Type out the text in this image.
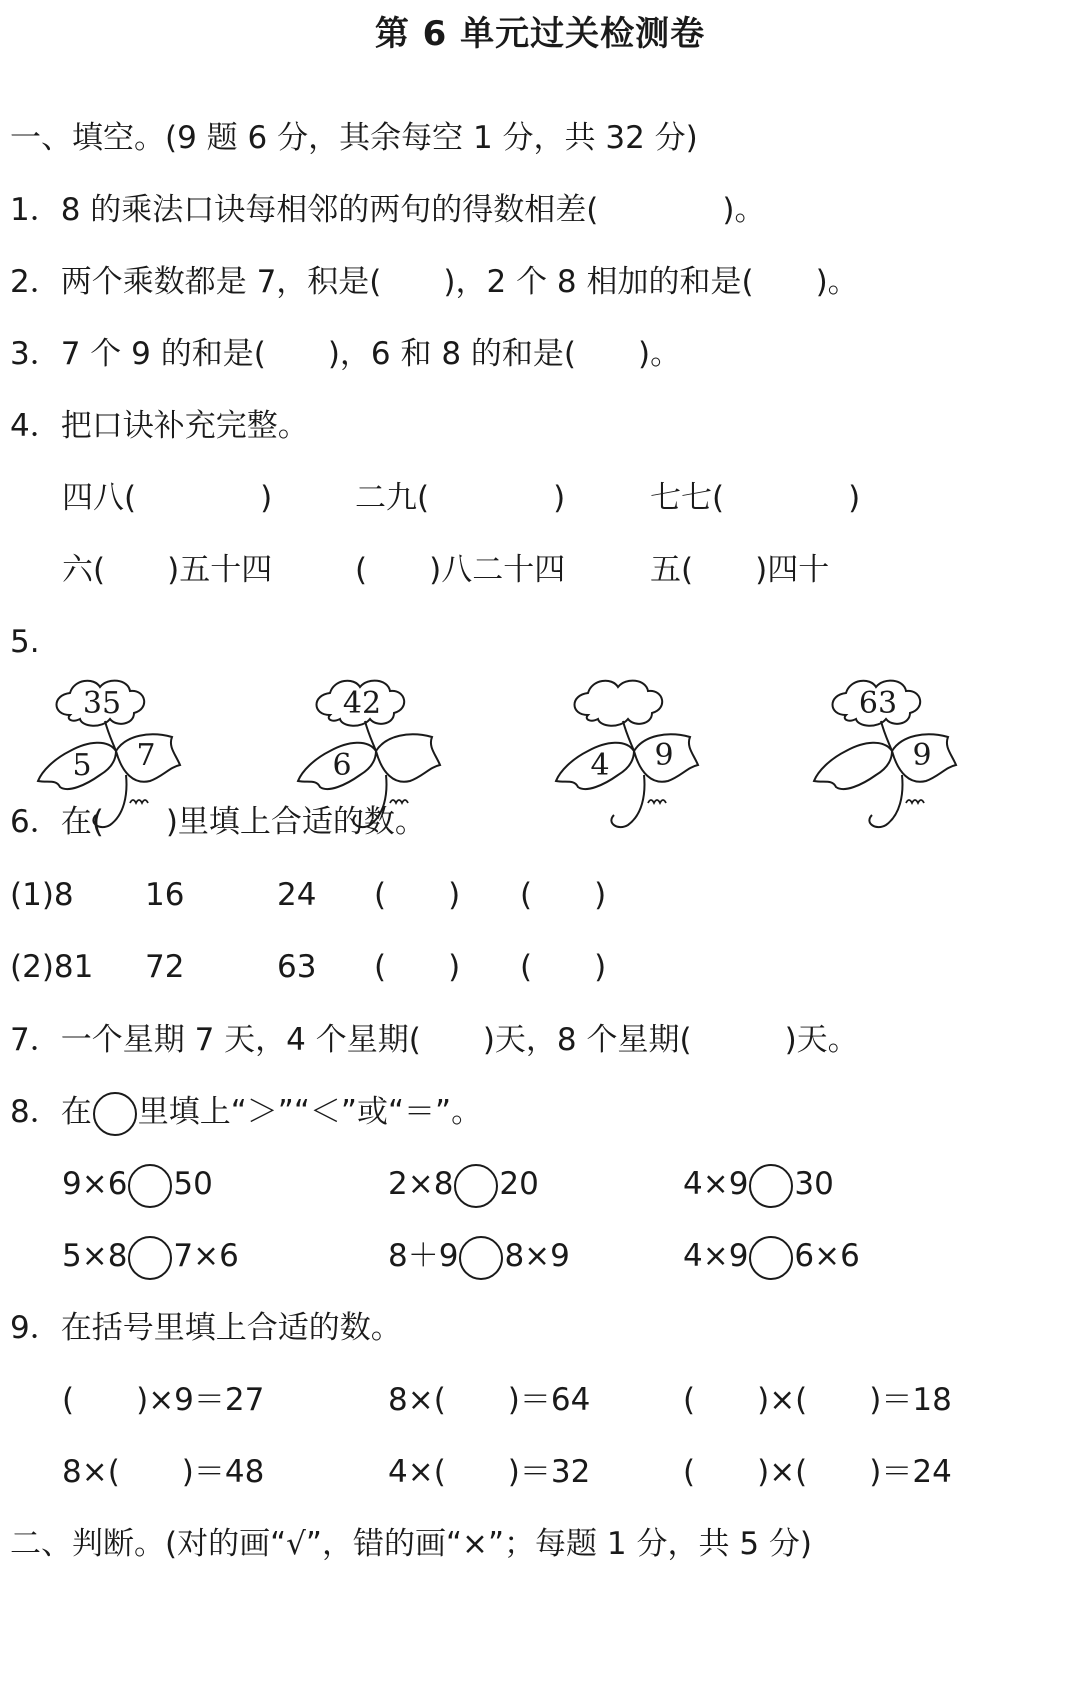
第 6 单元过关检测卷
一、填空。(9 题 6 分，其余每空 1 分，共 32 分)
1．8 的乘法口诀每相邻的两句的得数相差(　　　　)。
2．两个乘数都是 7，积是(　　)，2 个 8 相加的和是(　　)。
3．7 个 9 的和是(　　)，6 和 8 的和是(　　)。
4．把口诀补充完整。
四八(　　　　)	二九(　　　　)	七七(　　　　)
六(　　)五十四	(　　)八二十四	五(　　)四十
5.
35
5 7
42
6	4 9
63
9
6．在(　　)里填上合适的数。
(1)8 16	24 (　　) (　　)
(2)81 72	63 (　　) (　　)
7．一个星期 7 天，4 个星期(　　)天，8 个星期(　　　)天。
8．在 里填上“＞”“＜”或“＝”。
9×6 50	2×8 20	4×9 30
5×8 7×6	8＋9 8×9	4×9 6×6
9．在括号里填上合适的数。
(　　)×9＝27	8×(　　)＝64	(　　)×(　　)＝18
8×(　　)＝48	4×(　　)＝32	(　　)×(　　)＝24
二、判断。(对的画“√”，错的画“×”；每题 1 分，共 5 分)
